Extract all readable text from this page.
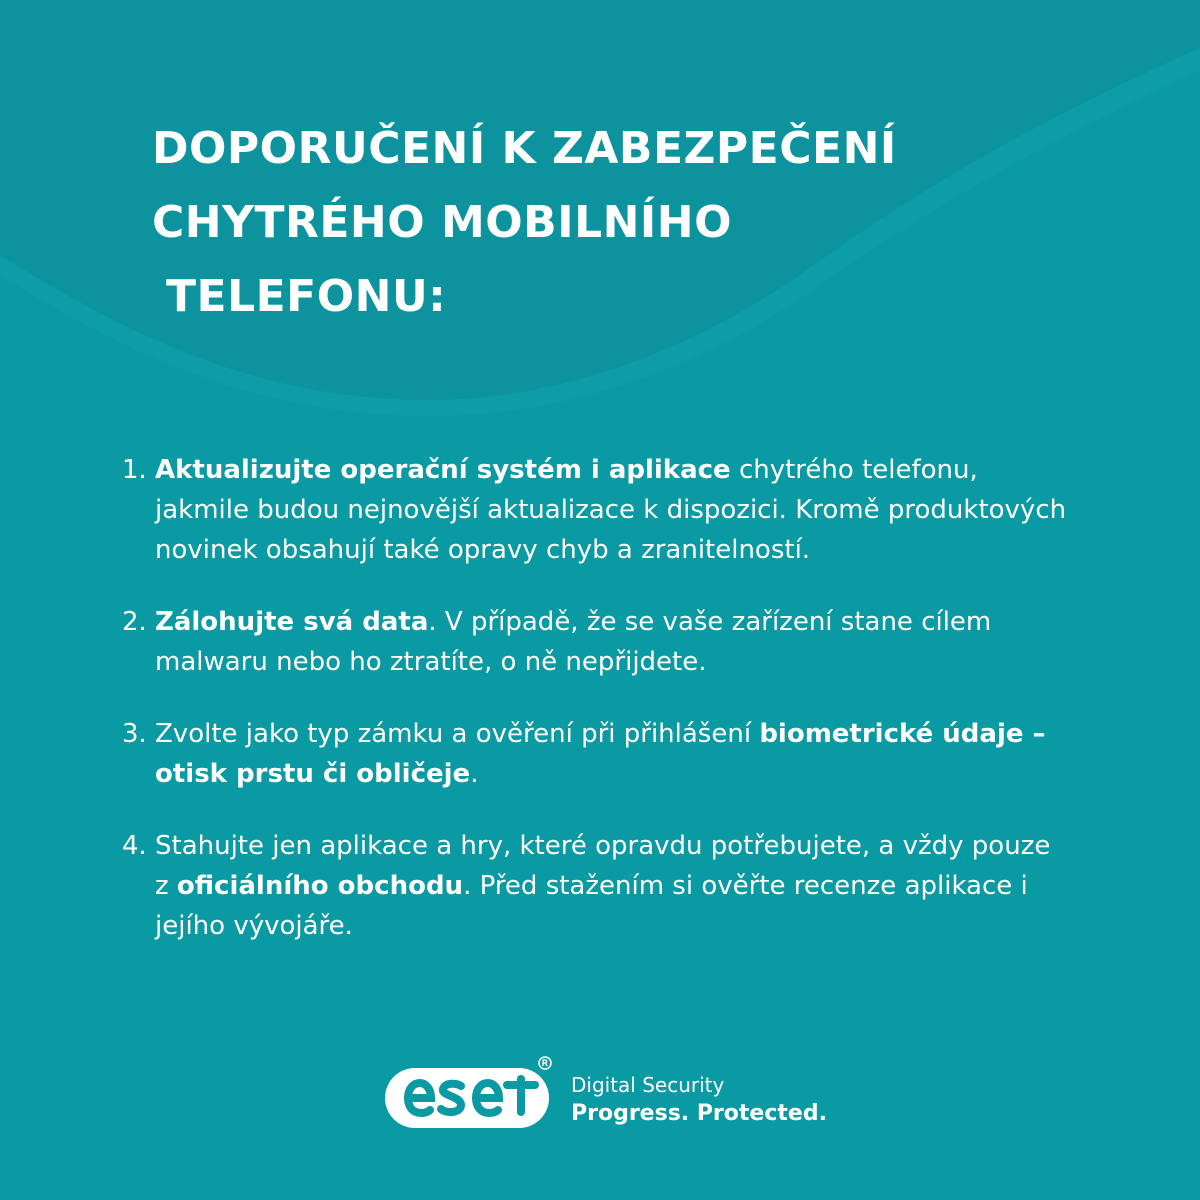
DOPORUČENÍ K ZABEZPEČENÍ
CHYTRÉHO MOBILNÍHO
TELEFONU:
1. Aktualizujte operační systém i aplikace chytrého telefonu, jakmile budou nejnovější aktualizace k dispozici. Kromě produktových novinek obsahují také opravy chyb a zranitelností.
2. Zálohujte svá data. V případě, že se vaše zařízení stane cílem malwaru nebo ho ztratíte, o ně nepřijdete.
3. Zvolte jako typ zámku a ověření při přihlášení biometrické údaje – otisk prstu či obličeje.
4. Stahujte jen aplikace a hry, které opravdu potřebujete, a vždy pouze z oficiálního obchodu. Před stažením si ověřte recenze aplikace i jejího vývojáře.
Digital Security
Progress. Protected.
